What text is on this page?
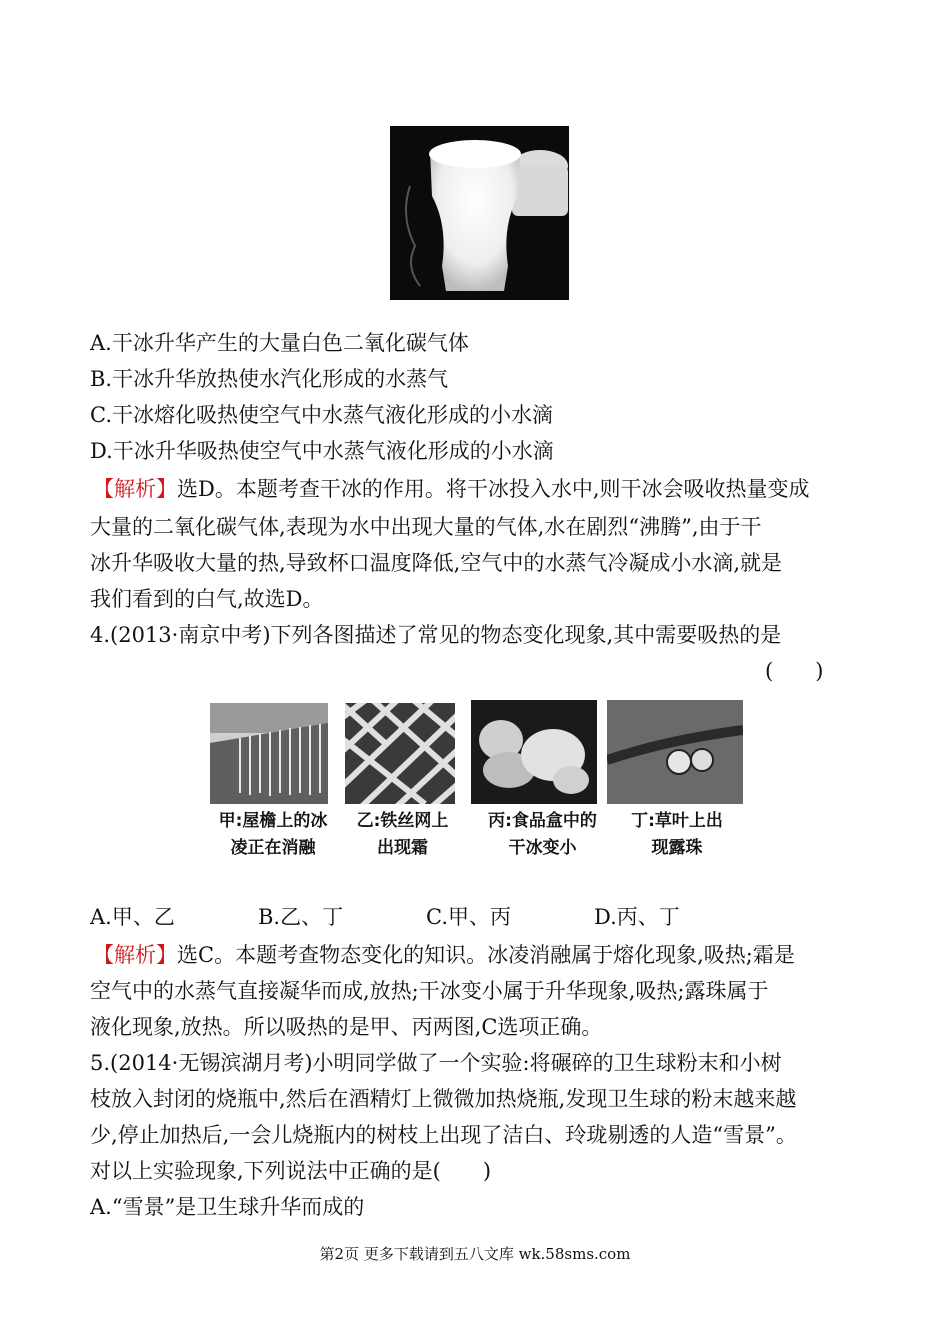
A.干冰升华产生的大量白色二氧化碳气体
B.干冰升华放热使水汽化形成的水蒸气
C.干冰熔化吸热使空气中水蒸气液化形成的小水滴
D.干冰升华吸热使空气中水蒸气液化形成的小水滴
【解析】选D。本题考查干冰的作用。将干冰投入水中,则干冰会吸收热量变成
大量的二氧化碳气体,表现为水中出现大量的气体,水在剧烈“沸腾”,由于干
冰升华吸收大量的热,导致杯口温度降低,空气中的水蒸气冷凝成小水滴,就是
我们看到的白气,故选D。
4.(2013·南京中考)下列各图描述了常见的物态变化现象,其中需要吸热的是
(　　)
甲:屋檐上的冰
凌正在消融
乙:铁丝网上
出现霜
丙:食品盒中的
干冰变小
丁:草叶上出
现露珠
A.甲、乙	B.乙、丁	C.甲、丙	D.丙、丁
【解析】选C。本题考查物态变化的知识。冰凌消融属于熔化现象,吸热;霜是
空气中的水蒸气直接凝华而成,放热;干冰变小属于升华现象,吸热;露珠属于
液化现象,放热。所以吸热的是甲、丙两图,C选项正确。
5.(2014·无锡滨湖月考)小明同学做了一个实验:将碾碎的卫生球粉末和小树
枝放入封闭的烧瓶中,然后在酒精灯上微微加热烧瓶,发现卫生球的粉末越来越
少,停止加热后,一会儿烧瓶内的树枝上出现了洁白、玲珑剔透的人造“雪景”。
对以上实验现象,下列说法中正确的是(　　)
A.“雪景”是卫生球升华而成的
第2页 更多下载请到五八文库 wk.58sms.com
